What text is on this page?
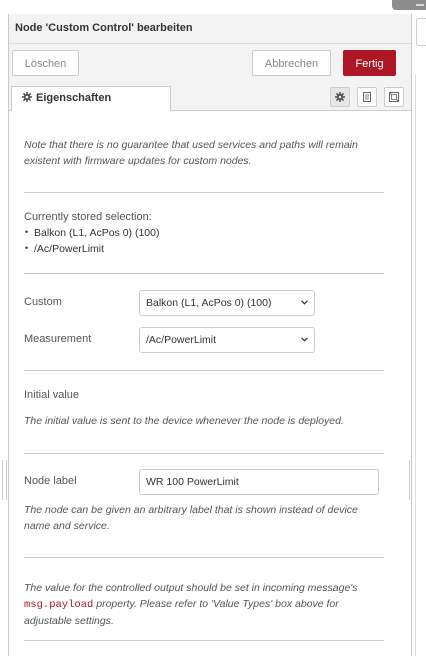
Node 'Custom Control' bearbeiten
Löschen	Abbrechen	Fertig
Eigenschaften
Note that there is no guarantee that used services and paths will remain existent with firmware updates for custom nodes.
Currently stored selection:
• Balkon (L1, AcPos 0) (100)
• /Ac/PowerLimit
Custom	Balkon (L1, AcPos 0) (100)
Measurement	/Ac/PowerLimit
Initial value
The initial value is sent to the device whenever the node is deployed.
Node label	WR 100 PowerLimit
The node can be given an arbitrary label that is shown instead of device name and service.
The value for the controlled output should be set in incoming message's
msg.payload property. Please refer to 'Value Types' box above for adjustable settings.
